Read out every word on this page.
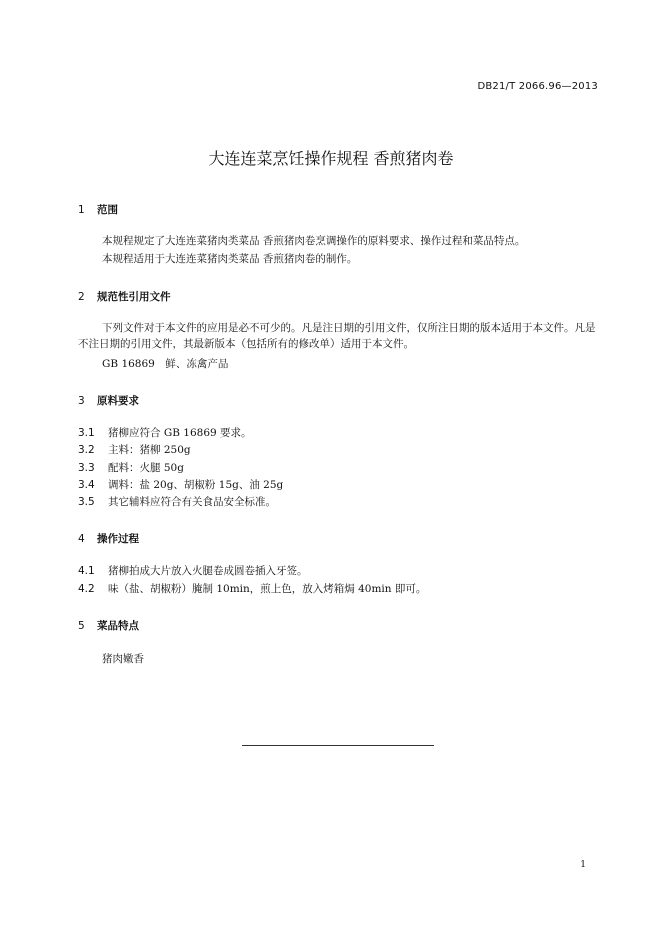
DB21/T 2066.96—2013
大连连菜烹饪操作规程 香煎猪肉卷
1 范围

本规程规定了大连连菜猪肉类菜品 香煎猪肉卷烹调操作的原料要求、操作过程和菜品特点。

本规程适用于大连连菜猪肉类菜品 香煎猪肉卷的制作。

2 规范性引用文件

下列文件对于本文件的应用是必不可少的。凡是注日期的引用文件，仅所注日期的版本适用于本文件。凡是不注日期的引用文件，其最新版本（包括所有的修改单）适用于本文件。

GB 16869　鲜、冻禽产品
3 原料要求
3.1 猪柳应符合 GB 16869 要求。
3.2 主料：猪柳 250g
3.3 配料：火腿 50g
3.4 调料：盐 20g、胡椒粉 15g、油 25g
3.5 其它辅料应符合有关食品安全标准。
4 操作过程
4.1 猪柳拍成大片放入火腿卷成圆卷插入牙签。
4.2 味（盐、胡椒粉）腌制 10min，煎上色，放入烤箱焗 40min 即可。
5 菜品特点

猪肉嫩香

1
